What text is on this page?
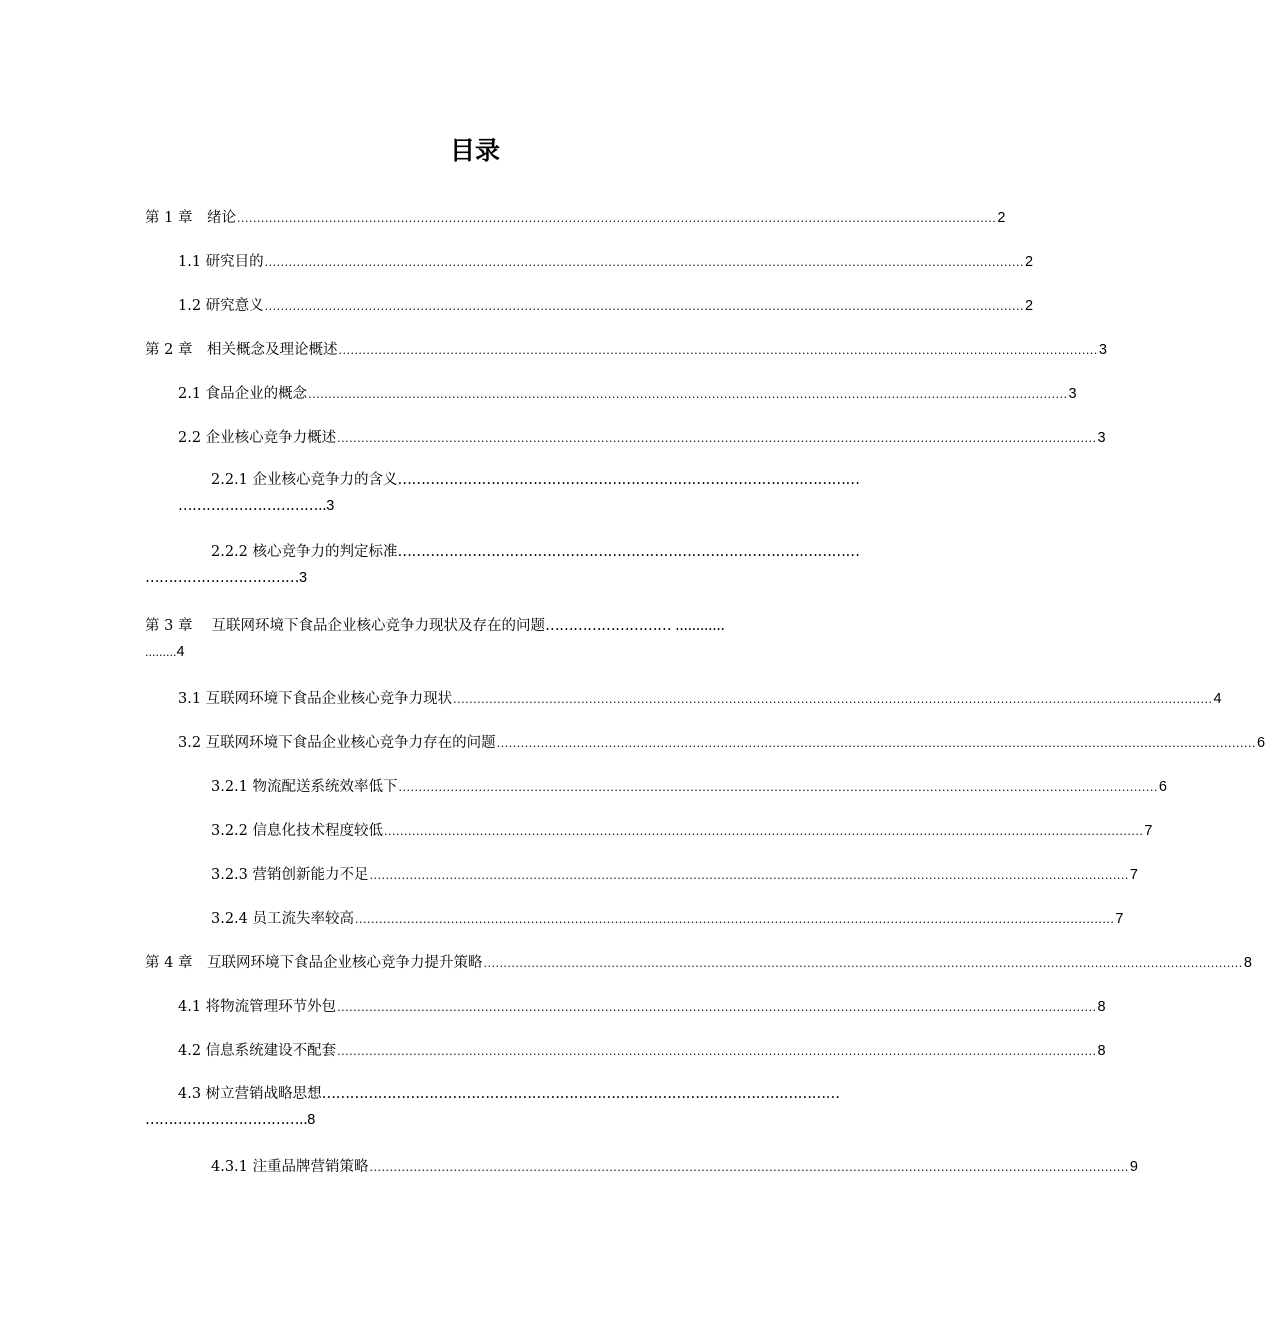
目录
第 1 章　绪论 .............................................................................................................................................................................................. 2
1.1 研究目的 .............................................................................................................................................................................................. 2
1.2 研究意义 .............................................................................................................................................................................................. 2
第 2 章　相关概念及理论概述 .............................................................................................................................................................................................. 3
2.1 食品企业的概念 .............................................................................................................................................................................................. 3
2.2 企业核心竞争力概述 .............................................................................................................................................................................................. 3
2.2.1 企业核心竞争力的含义 ………………………………………………………………………………………
…………………………..3
2.2.2 核心竞争力的判定标准 ………………………………………………………………………………………
……………………………3
第 3 章　 互联网环境下食品企业核心竞争力现状及存在的问题 ……………………… ............
.........4
3.1 互联网环境下食品企业核心竞争力现状 .............................................................................................................................................................................................. 4
3.2 互联网环境下食品企业核心竞争力存在的问题 .............................................................................................................................................................................................. 6
3.2.1 物流配送系统效率低下 .............................................................................................................................................................................................. 6
3.2.2 信息化技术程度较低 .............................................................................................................................................................................................. 7
3.2.3 营销创新能力不足 .............................................................................................................................................................................................. 7
3.2.4 员工流失率较高 .............................................................................................................................................................................................. 7
第 4 章　互联网环境下食品企业核心竞争力提升策略 .............................................................................................................................................................................................. 8
4.1 将物流管理环节外包 .............................................................................................................................................................................................. 8
4.2 信息系统建设不配套 .............................................................................................................................................................................................. 8
4.3 树立营销战略思想 …………………………………………………………………………………………………
……………………………..8
4.3.1 注重品牌营销策略 .............................................................................................................................................................................................. 9
